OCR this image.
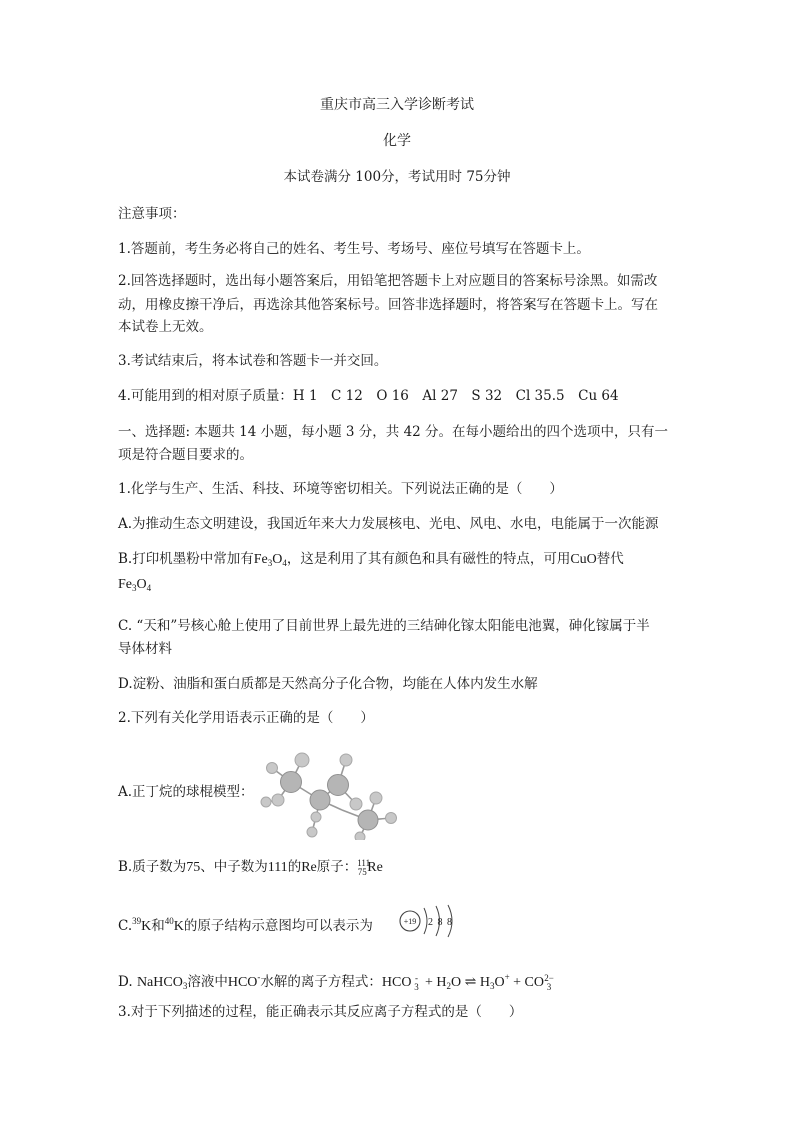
重庆市高三入学诊断考试
化学
本试卷满分 100分，考试用时 75分钟
注意事项：
1.答题前，考生务必将自己的姓名、考生号、考场号、座位号填写在答题卡上。
2.回答选择题时，选出每小题答案后，用铅笔把答题卡上对应题目的答案标号涂黑。如需改
动，用橡皮擦干净后，再选涂其他答案标号。回答非选择题时，将答案写在答题卡上。写在
本试卷上无效。
3.考试结束后，将本试卷和答题卡一并交回。
4.可能用到的相对原子质量：H 1　C 12　O 16　Al 27　S 32　Cl 35.5　Cu 64
一、选择题: 本题共 14 小题，每小题 3 分，共 42 分。在每小题给出的四个选项中，只有一
项是符合题目要求的。
1.化学与生产、生活、科技、环境等密切相关。下列说法正确的是（　　）
A.为推动生态文明建设，我国近年来大力发展核电、光电、风电、水电，电能属于一次能源
B.打印机墨粉中常加有$Fe_3O_4$，这是利用了其有颜色和具有磁性的特点，可用CuO替代
$Fe_3O_4$
C. “天和”号核心舱上使用了目前世界上最先进的三结砷化镓太阳能电池翼，砷化镓属于半
导体材料
D.淀粉、油脂和蛋白质都是天然高分子化合物，均能在人体内发生水解
2.下列有关化学用语表示正确的是（　　）
A.正丁烷的球棍模型：
B.质子数为75、中子数为111的Re原子： 111
75 Re
C.$^{39}$K和$^{40}$K的原子结构示意图均可以表示为	+19 2 8 8
D. NaHCO$_3$溶液中HCO-水解的离子方程式：HCO -
$3 + H_2O$ ⇌ $H_3O^+$ + CO 2−
3
3.对于下列描述的过程，能正确表示其反应离子方程式的是（　　）
